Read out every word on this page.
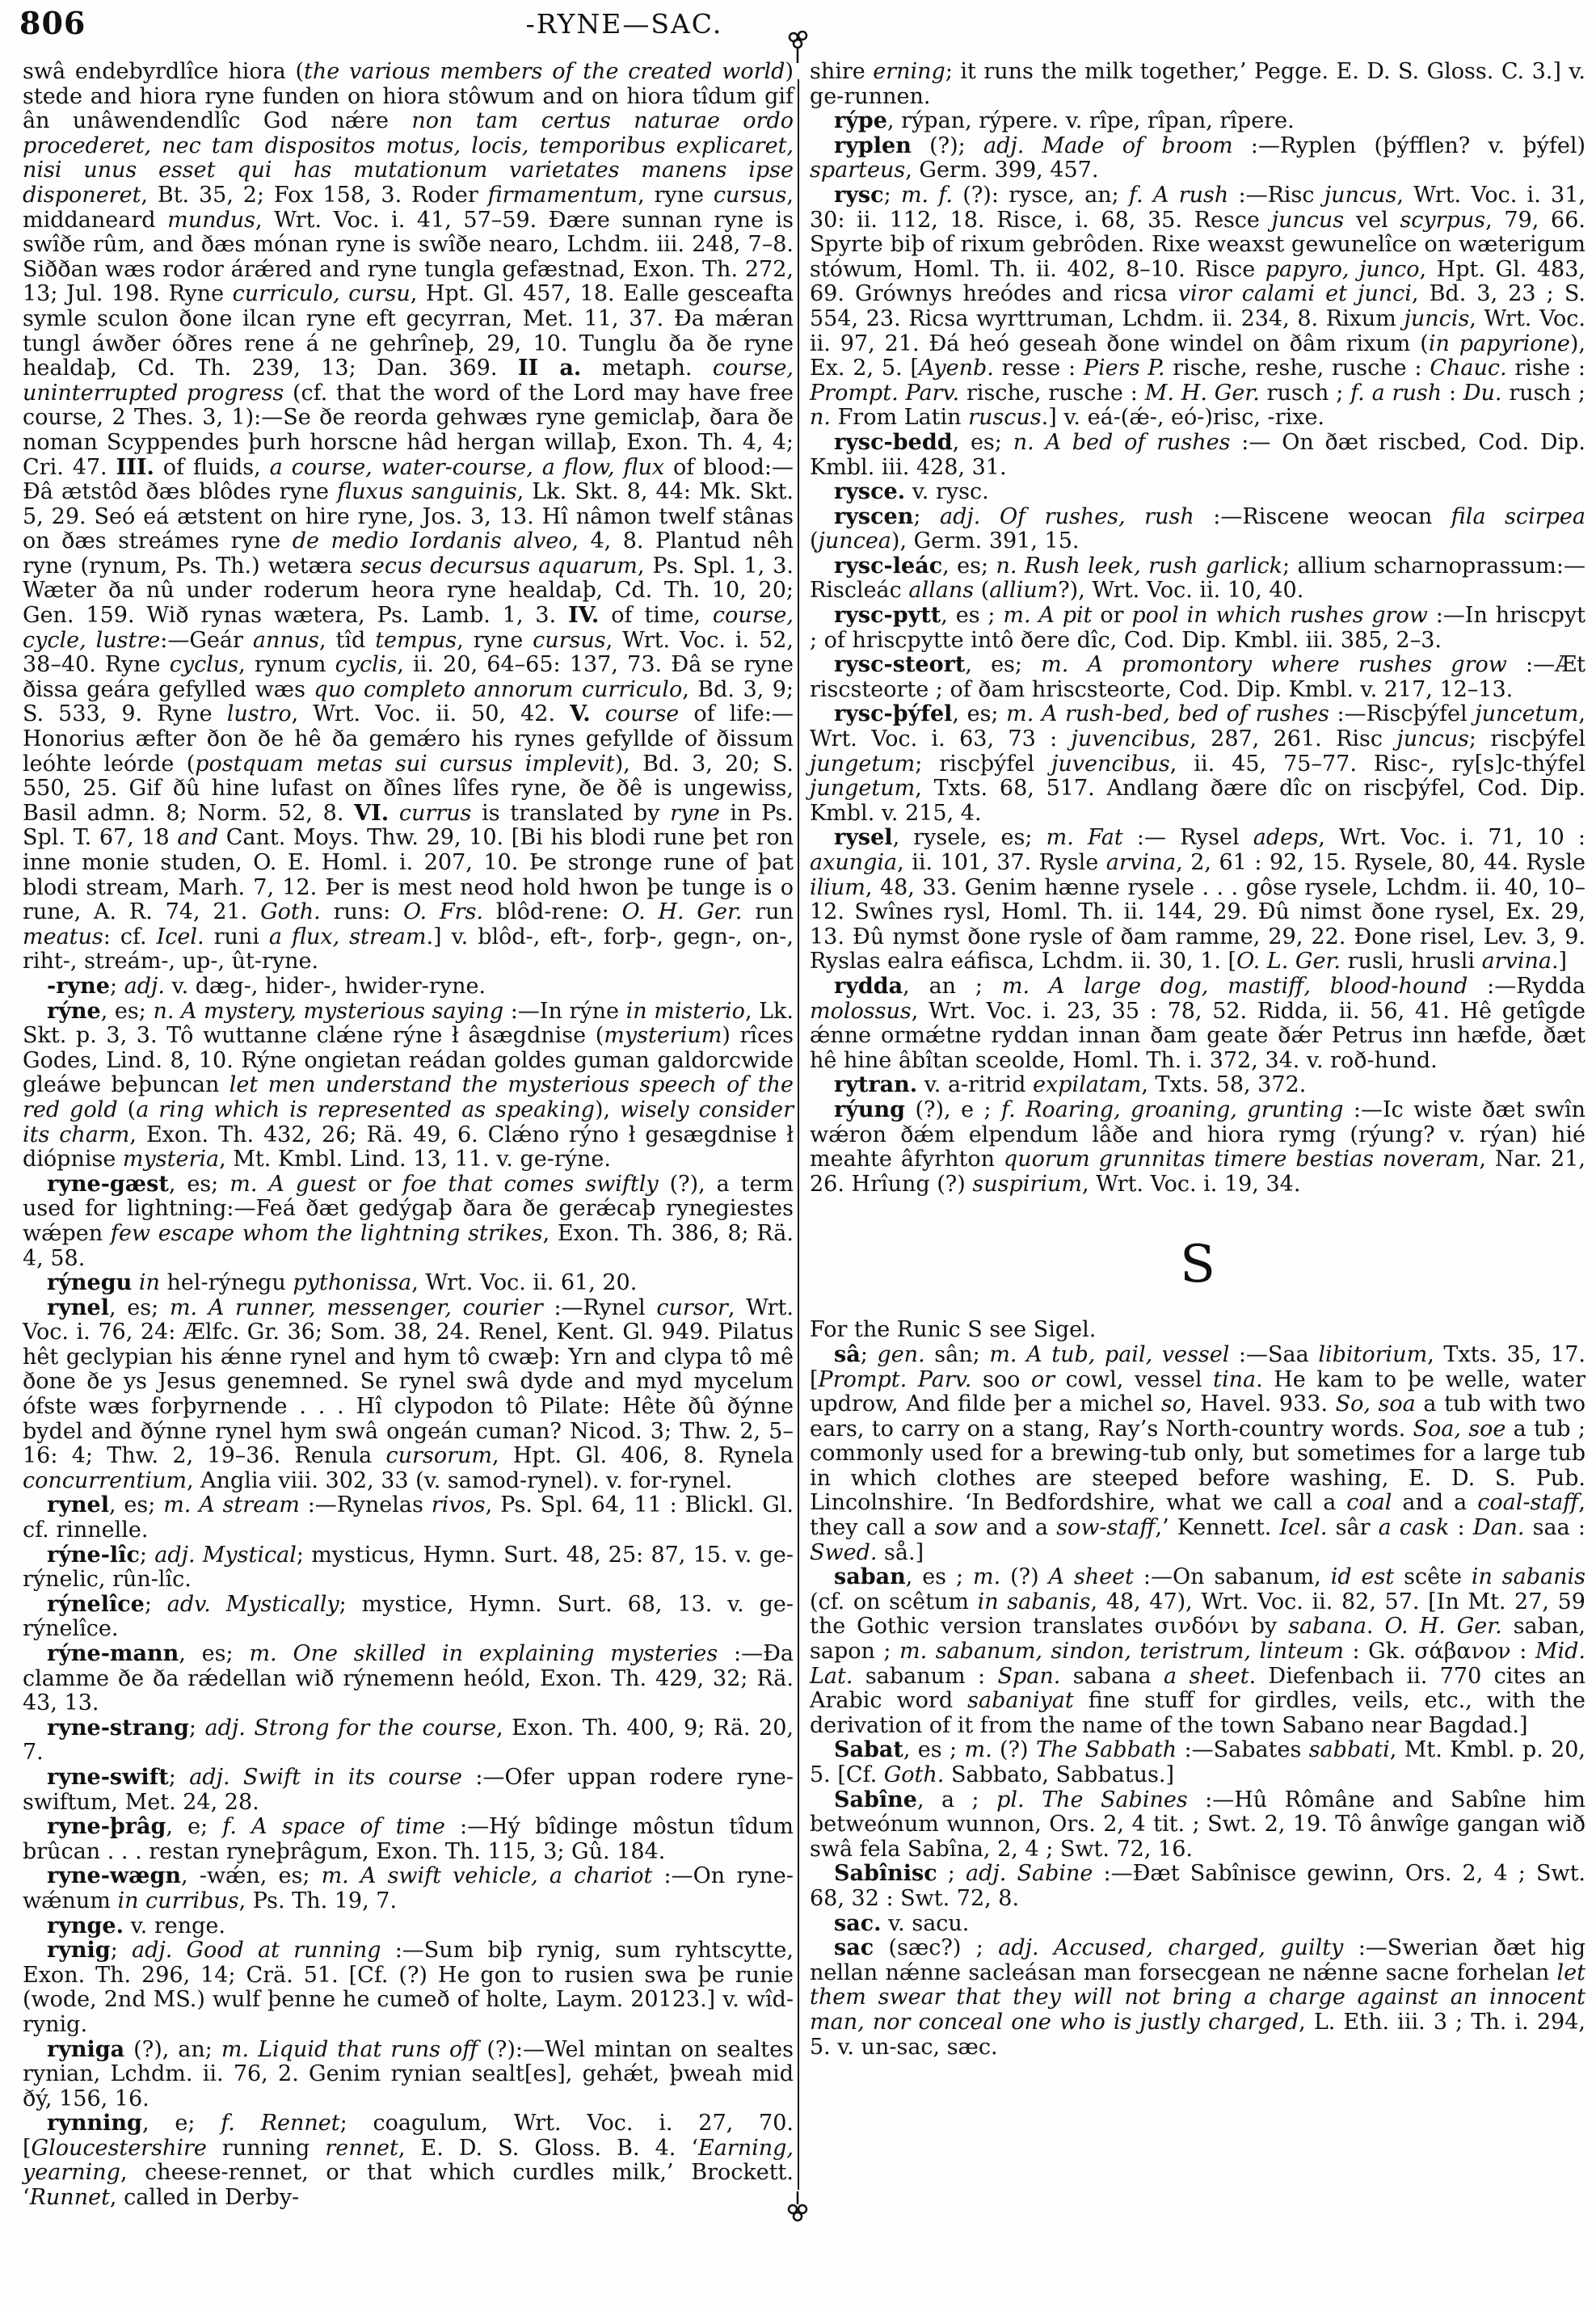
806	-RYNE—SAC.

swâ endebyrdlîce hiora (the various members of the created world) stede and hiora ryne funden on hiora stôwum and on hiora tîdum gif ân unâwendendlîc God nǽre non tam certus naturae ordo procederet, nec tam dispositos motus, locis, temporibus explicaret, nisi unus esset qui has mutationum varietates manens ipse disponeret, Bt. 35, 2; Fox 158, 3. Roder firmamentum, ryne cursus, middaneard mundus, Wrt. Voc. i. 41, 57–59. Ðære sunnan ryne is swîðe rûm, and ðæs mónan ryne is swîðe nearo, Lchdm. iii. 248, 7–8. Siððan wæs rodor árǽred and ryne tungla gefæstnad, Exon. Th. 272, 13; Jul. 198. Ryne curriculo, cursu, Hpt. Gl. 457, 18. Ealle gesceafta symle sculon ðone ilcan ryne eft gecyrran, Met. 11, 37. Ða mǽran tungl áwðer óðres rene á ne gehrîneþ, 29, 10. Tunglu ða ðe ryne healdaþ, Cd. Th. 239, 13; Dan. 369. II a. metaph. course, uninterrupted progress (cf. that the word of the Lord may have free course, 2 Thes. 3, 1):—Se ðe reorda gehwæs ryne gemiclaþ, ðara ðe noman Scyppendes þurh horscne hâd hergan willaþ, Exon. Th. 4, 4; Cri. 47. III. of fluids, a course, water-course, a flow, flux of blood:—Ðâ ætstôd ðæs blôdes ryne fluxus sanguinis, Lk. Skt. 8, 44: Mk. Skt. 5, 29. Seó eá ætstent on hire ryne, Jos. 3, 13. Hî nâmon twelf stânas on ðæs streámes ryne de medio Iordanis alveo, 4, 8. Plantud nêh ryne (rynum, Ps. Th.) wetæra secus decursus aquarum, Ps. Spl. 1, 3. Wæter ða nû under roderum heora ryne healdaþ, Cd. Th. 10, 20; Gen. 159. Wið rynas wætera, Ps. Lamb. 1, 3. IV. of time, course, cycle, lustre:—Geár annus, tîd tempus, ryne cursus, Wrt. Voc. i. 52, 38–40. Ryne cyclus, rynum cyclis, ii. 20, 64–65: 137, 73. Ðâ se ryne ðissa geára gefylled wæs quo completo annorum curriculo, Bd. 3, 9; S. 533, 9. Ryne lustro, Wrt. Voc. ii. 50, 42. V. course of life:—Honorius æfter ðon ðe hê ða gemǽro his rynes gefyllde of ðissum leóhte leórde (postquam metas sui cursus implevit), Bd. 3, 20; S. 550, 25. Gif ðû hine lufast on ðînes lîfes ryne, ðe ðê is ungewiss, Basil admn. 8; Norm. 52, 8. VI. currus is translated by ryne in Ps. Spl. T. 67, 18 and Cant. Moys. Thw. 29, 10. [Bi his blodi rune þet ron inne monie studen, O. E. Homl. i. 207, 10. Þe stronge rune of þat blodi stream, Marh. 7, 12. Þer is mest neod hold hwon þe tunge is o rune, A. R. 74, 21. Goth. runs: O. Frs. blôd-rene: O. H. Ger. run meatus: cf. Icel. runi a flux, stream.] v. blôd-, eft-, forþ-, gegn-, on-, riht-, streám-, up-, ût-ryne.

-ryne; adj. v. dæg-, hider-, hwider-ryne.

rýne, es; n. A mystery, mysterious saying :—In rýne in misterio, Lk. Skt. p. 3, 3. Tô wuttanne clǽne rýne ł âsægdnise (mysterium) rîces Godes, Lind. 8, 10. Rýne ongietan reádan goldes guman galdorcwide gleáwe beþuncan let men understand the mysterious speech of the red gold (a ring which is represented as speaking), wisely consider its charm, Exon. Th. 432, 26; Rä. 49, 6. Clǽno rýno ł gesægdnise ł diópnise mysteria, Mt. Kmbl. Lind. 13, 11. v. ge-rýne.

ryne-gæst, es; m. A guest or foe that comes swiftly (?), a term used for lightning:—Feá ðæt gedýgaþ ðara ðe gerǽcaþ rynegiestes wǽpen few escape whom the lightning strikes, Exon. Th. 386, 8; Rä. 4, 58.

rýnegu in hel-rýnegu pythonissa, Wrt. Voc. ii. 61, 20.

rynel, es; m. A runner, messenger, courier :—Rynel cursor, Wrt. Voc. i. 76, 24: Ælfc. Gr. 36; Som. 38, 24. Renel, Kent. Gl. 949. Pilatus hêt geclypian his ǽnne rynel and hym tô cwæþ: Yrn and clypa tô mê ðone ðe ys Jesus genemned. Se rynel swâ dyde and myd mycelum ófste wæs forþyrnende . . . Hî clypodon tô Pilate: Hête ðû ðýnne bydel and ðýnne rynel hym swâ ongeán cuman? Nicod. 3; Thw. 2, 5–16: 4; Thw. 2, 19–36. Renula cursorum, Hpt. Gl. 406, 8. Rynela concurrentium, Anglia viii. 302, 33 (v. samod-rynel). v. for-rynel.

rynel, es; m. A stream :—Rynelas rivos, Ps. Spl. 64, 11 : Blickl. Gl. cf. rinnelle.

rýne-lîc; adj. Mystical; mysticus, Hymn. Surt. 48, 25: 87, 15. v. ge-rýnelic, rûn-lîc.

rýnelîce; adv. Mystically; mystice, Hymn. Surt. 68, 13. v. ge-rýnelîce.

rýne-mann, es; m. One skilled in explaining mysteries :—Ða clamme ðe ða rǽdellan wið rýnemenn heóld, Exon. Th. 429, 32; Rä. 43, 13.

ryne-strang; adj. Strong for the course, Exon. Th. 400, 9; Rä. 20, 7.

ryne-swift; adj. Swift in its course :—Ofer uppan rodere ryne-swiftum, Met. 24, 28.

ryne-þrâg, e; f. A space of time :—Hý bîdinge môstun tîdum brûcan . . . restan ryneþrâgum, Exon. Th. 115, 3; Gû. 184.

ryne-wægn, -wǽn, es; m. A swift vehicle, a chariot :—On ryne-wǽnum in curribus, Ps. Th. 19, 7.

rynge. v. renge.

rynig; adj. Good at running :—Sum biþ rynig, sum ryhtscytte, Exon. Th. 296, 14; Crä. 51. [Cf. (?) He gon to rusien swa þe runie (wode, 2nd MS.) wulf þenne he cumeð of holte, Laym. 20123.] v. wîd-rynig.

ryniga (?), an; m. Liquid that runs off (?):—Wel mintan on sealtes rynian, Lchdm. ii. 76, 2. Genim rynian sealt[es], gehǽt, þweah mid ðý, 156, 16.

rynning, e; f. Rennet; coagulum, Wrt. Voc. i. 27, 70. [Gloucestershire running rennet, E. D. S. Gloss. B. 4. ‘Earning, yearning, cheese-rennet, or that which curdles milk,’ Brockett. ‘Runnet, called in Derby-

shire erning; it runs the milk together,’ Pegge. E. D. S. Gloss. C. 3.] v. ge-runnen.

rýpe, rýpan, rýpere. v. rîpe, rîpan, rîpere.

ryplen (?); adj. Made of broom :—Ryplen (þýfflen? v. þýfel) sparteus, Germ. 399, 457.

rysc; m. f. (?): rysce, an; f. A rush :—Risc juncus, Wrt. Voc. i. 31, 30: ii. 112, 18. Risce, i. 68, 35. Resce juncus vel scyrpus, 79, 66. Spyrte biþ of rixum gebrôden. Rixe weaxst gewunelîce on wæterigum stówum, Homl. Th. ii. 402, 8–10. Risce papyro, junco, Hpt. Gl. 483, 69. Grównys hreódes and ricsa viror calami et junci, Bd. 3, 23 ; S. 554, 23. Ricsa wyrttruman, Lchdm. ii. 234, 8. Rixum juncis, Wrt. Voc. ii. 97, 21. Ðá heó geseah ðone windel on ðâm rixum (in papyrione), Ex. 2, 5. [Ayenb. resse : Piers P. rische, reshe, rusche : Chauc. rishe : Prompt. Parv. rische, rusche : M. H. Ger. rusch ; f. a rush : Du. rusch ; n. From Latin ruscus.] v. eá-(ǽ-, eó-)risc, -rixe.

rysc-bedd, es; n. A bed of rushes :— On ðæt riscbed, Cod. Dip. Kmbl. iii. 428, 31.

rysce. v. rysc.

ryscen; adj. Of rushes, rush :—Riscene weocan fila scirpea (juncea), Germ. 391, 15.

rysc-leác, es; n. Rush leek, rush garlick; allium scharnoprassum:—Riscleác allans (allium?), Wrt. Voc. ii. 10, 40.

rysc-pytt, es ; m. A pit or pool in which rushes grow :—In hriscpyt ; of hriscpytte intô ðere dîc, Cod. Dip. Kmbl. iii. 385, 2–3.

rysc-steort, es; m. A promontory where rushes grow :—Æt riscsteorte ; of ðam hriscsteorte, Cod. Dip. Kmbl. v. 217, 12–13.

rysc-þýfel, es; m. A rush-bed, bed of rushes :—Riscþýfel juncetum, Wrt. Voc. i. 63, 73 : juvencibus, 287, 261. Risc juncus; riscþýfel jungetum; riscþýfel juvencibus, ii. 45, 75–77. Risc-, ry[s]c-thýfel jungetum, Txts. 68, 517. Andlang ðære dîc on riscþýfel, Cod. Dip. Kmbl. v. 215, 4.

rysel, rysele, es; m. Fat :— Rysel adeps, Wrt. Voc. i. 71, 10 : axungia, ii. 101, 37. Rysle arvina, 2, 61 : 92, 15. Rysele, 80, 44. Rysle ilium, 48, 33. Genim hænne rysele . . . gôse rysele, Lchdm. ii. 40, 10–12. Swînes rysl, Homl. Th. ii. 144, 29. Ðû nimst ðone rysel, Ex. 29, 13. Ðû nymst ðone rysle of ðam ramme, 29, 22. Ðone risel, Lev. 3, 9. Ryslas ealra eáfisca, Lchdm. ii. 30, 1. [O. L. Ger. rusli, hrusli arvina.]

rydda, an ; m. A large dog, mastiff, blood-hound :—Rydda molossus, Wrt. Voc. i. 23, 35 : 78, 52. Ridda, ii. 56, 41. Hê getîgde ǽnne ormǽtne ryddan innan ðam geate ðǽr Petrus inn hæfde, ðæt hê hine âbîtan sceolde, Homl. Th. i. 372, 34. v. roð-hund.

rytran. v. a-ritrid expilatam, Txts. 58, 372.

rýung (?), e ; f. Roaring, groaning, grunting :—Ic wiste ðæt swîn wǽron ðǽm elpendum lâðe and hiora rymg (rýung? v. rýan) hié meahte âfyrhton quorum grunnitas timere bestias noveram, Nar. 21, 26. Hrîung (?) suspirium, Wrt. Voc. i. 19, 34.

S

For the Runic S see Sigel.

sâ; gen. sân; m. A tub, pail, vessel :—Saa libitorium, Txts. 35, 17. [Prompt. Parv. soo or cowl, vessel tina. He kam to þe welle, water updrow, And filde þer a michel so, Havel. 933. So, soa a tub with two ears, to carry on a stang, Ray’s North-country words. Soa, soe a tub ; commonly used for a brewing-tub only, but sometimes for a large tub in which clothes are steeped before washing, E. D. S. Pub. Lincolnshire. ‘In Bedfordshire, what we call a coal and a coal-staff, they call a sow and a sow-staff,’ Kennett. Icel. sâr a cask : Dan. saa : Swed. så.]

saban, es ; m. (?) A sheet :—On sabanum, id est scête in sabanis (cf. on scêtum in sabanis, 48, 47), Wrt. Voc. ii. 82, 57. [In Mt. 27, 59 the Gothic version translates σινδόνι by sabana. O. H. Ger. saban, sapon ; m. sabanum, sindon, teristrum, linteum : Gk. σάβανον : Mid. Lat. sabanum : Span. sabana a sheet. Diefenbach ii. 770 cites an Arabic word sabaniyat fine stuff for girdles, veils, etc., with the derivation of it from the name of the town Sabano near Bagdad.]

Sabat, es ; m. (?) The Sabbath :—Sabates sabbati, Mt. Kmbl. p. 20, 5. [Cf. Goth. Sabbato, Sabbatus.]

Sabîne, a ; pl. The Sabines :—Hû Rômâne and Sabîne him betweónum wunnon, Ors. 2, 4 tit. ; Swt. 2, 19. Tô ânwîge gangan wið swâ fela Sabîna, 2, 4 ; Swt. 72, 16.

Sabînisc ; adj. Sabine :—Ðæt Sabînisce gewinn, Ors. 2, 4 ; Swt. 68, 32 : Swt. 72, 8.

sac. v. sacu.

sac (sæc?) ; adj. Accused, charged, guilty :—Swerian ðæt hig nellan nǽnne sacleásan man forsecgean ne nǽnne sacne forhelan let them swear that they will not bring a charge against an innocent man, nor conceal one who is justly charged, L. Eth. iii. 3 ; Th. i. 294, 5. v. un-sac, sæc.
